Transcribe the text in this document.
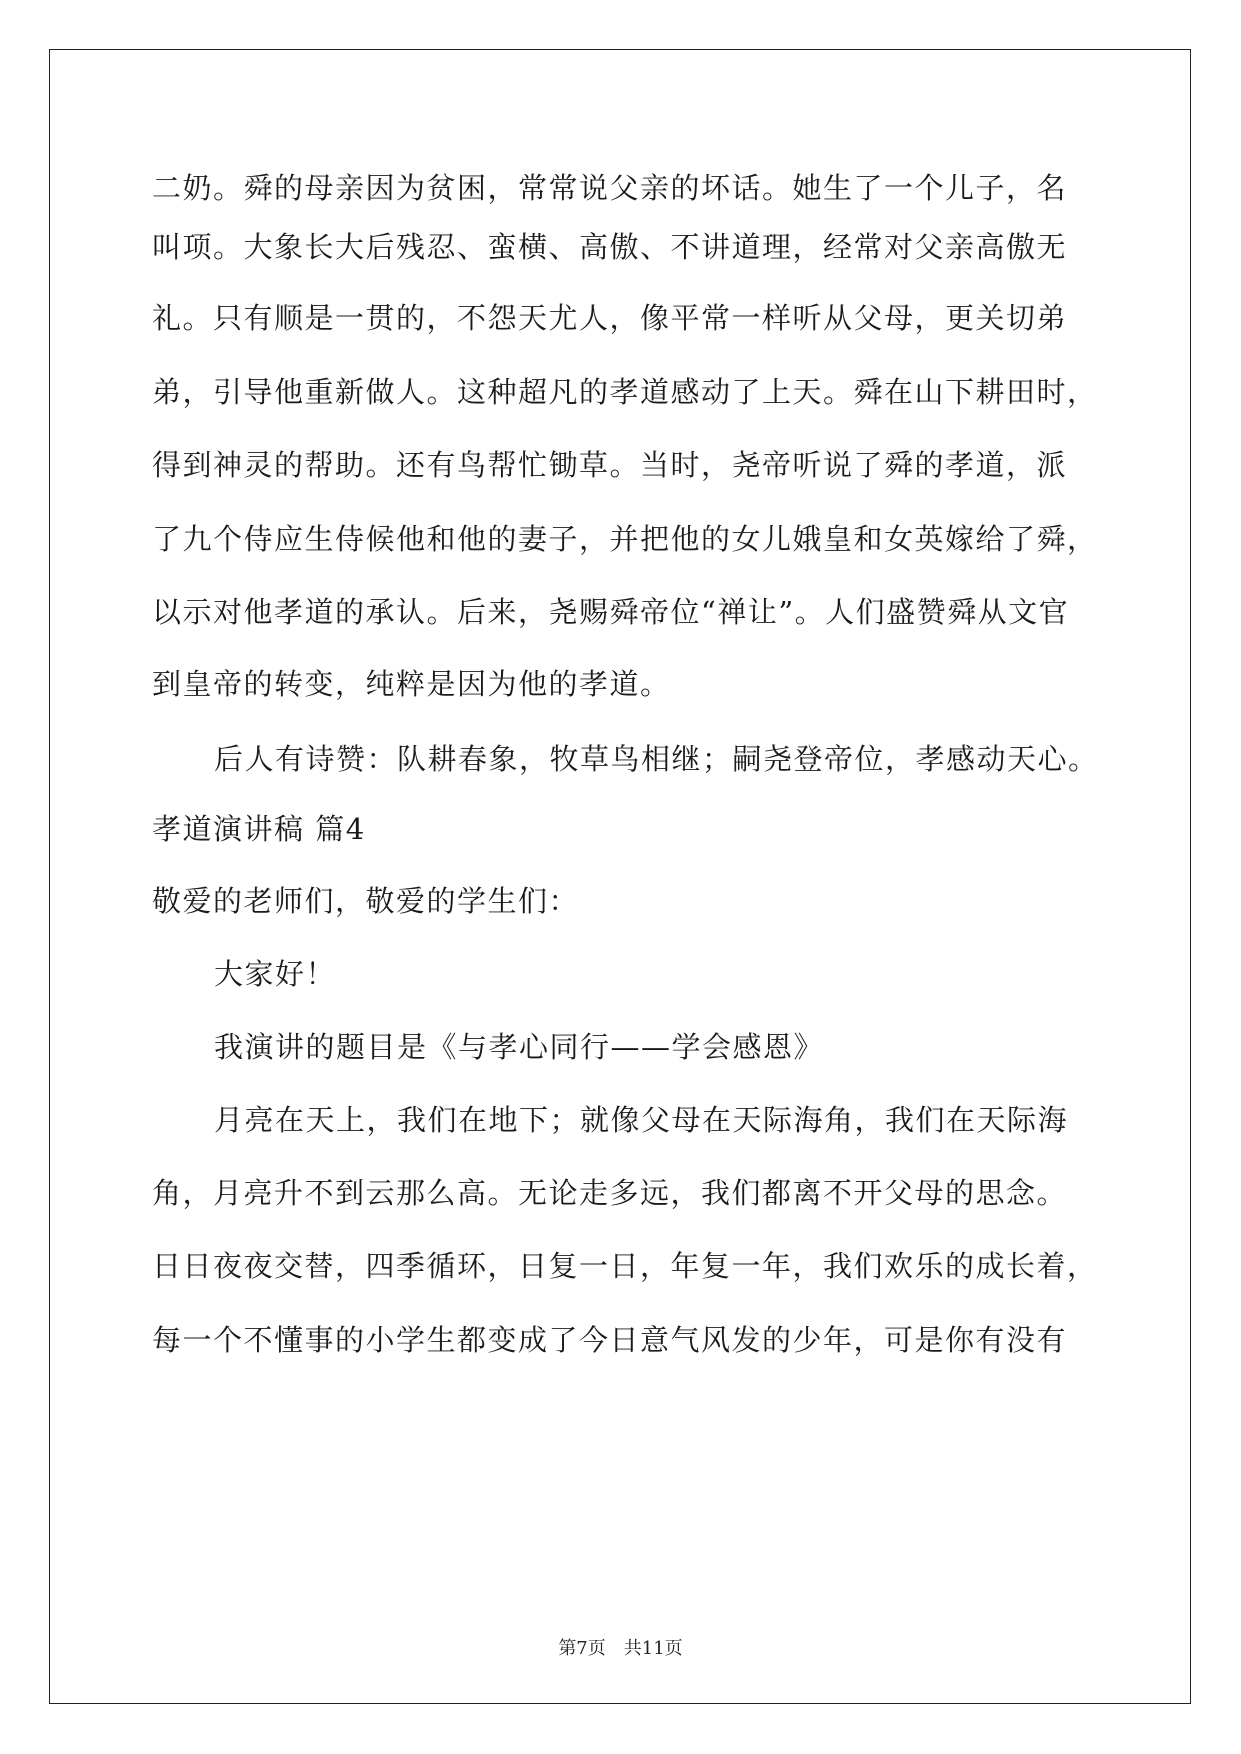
二奶。舜的母亲因为贫困，常常说父亲的坏话。她生了一个儿子，名
叫项。大象长大后残忍、蛮横、高傲、不讲道理，经常对父亲高傲无
礼。只有顺是一贯的，不怨天尤人，像平常一样听从父母，更关切弟
弟，引导他重新做人。这种超凡的孝道感动了上天。舜在山下耕田时，
得到神灵的帮助。还有鸟帮忙锄草。当时，尧帝听说了舜的孝道，派
了九个侍应生侍候他和他的妻子，并把他的女儿娥皇和女英嫁给了舜，
以示对他孝道的承认。后来，尧赐舜帝位“禅让”。人们盛赞舜从文官
到皇帝的转变，纯粹是因为他的孝道。
后人有诗赞：队耕春象，牧草鸟相继；嗣尧登帝位，孝感动天心。
孝道演讲稿 篇4
敬爱的老师们，敬爱的学生们：
大家好！
我演讲的题目是《与孝心同行——学会感恩》
月亮在天上，我们在地下；就像父母在天际海角，我们在天际海
角，月亮升不到云那么高。无论走多远，我们都离不开父母的思念。
日日夜夜交替，四季循环，日复一日，年复一年，我们欢乐的成长着，
每一个不懂事的小学生都变成了今日意气风发的少年，可是你有没有
第7页　共11页
